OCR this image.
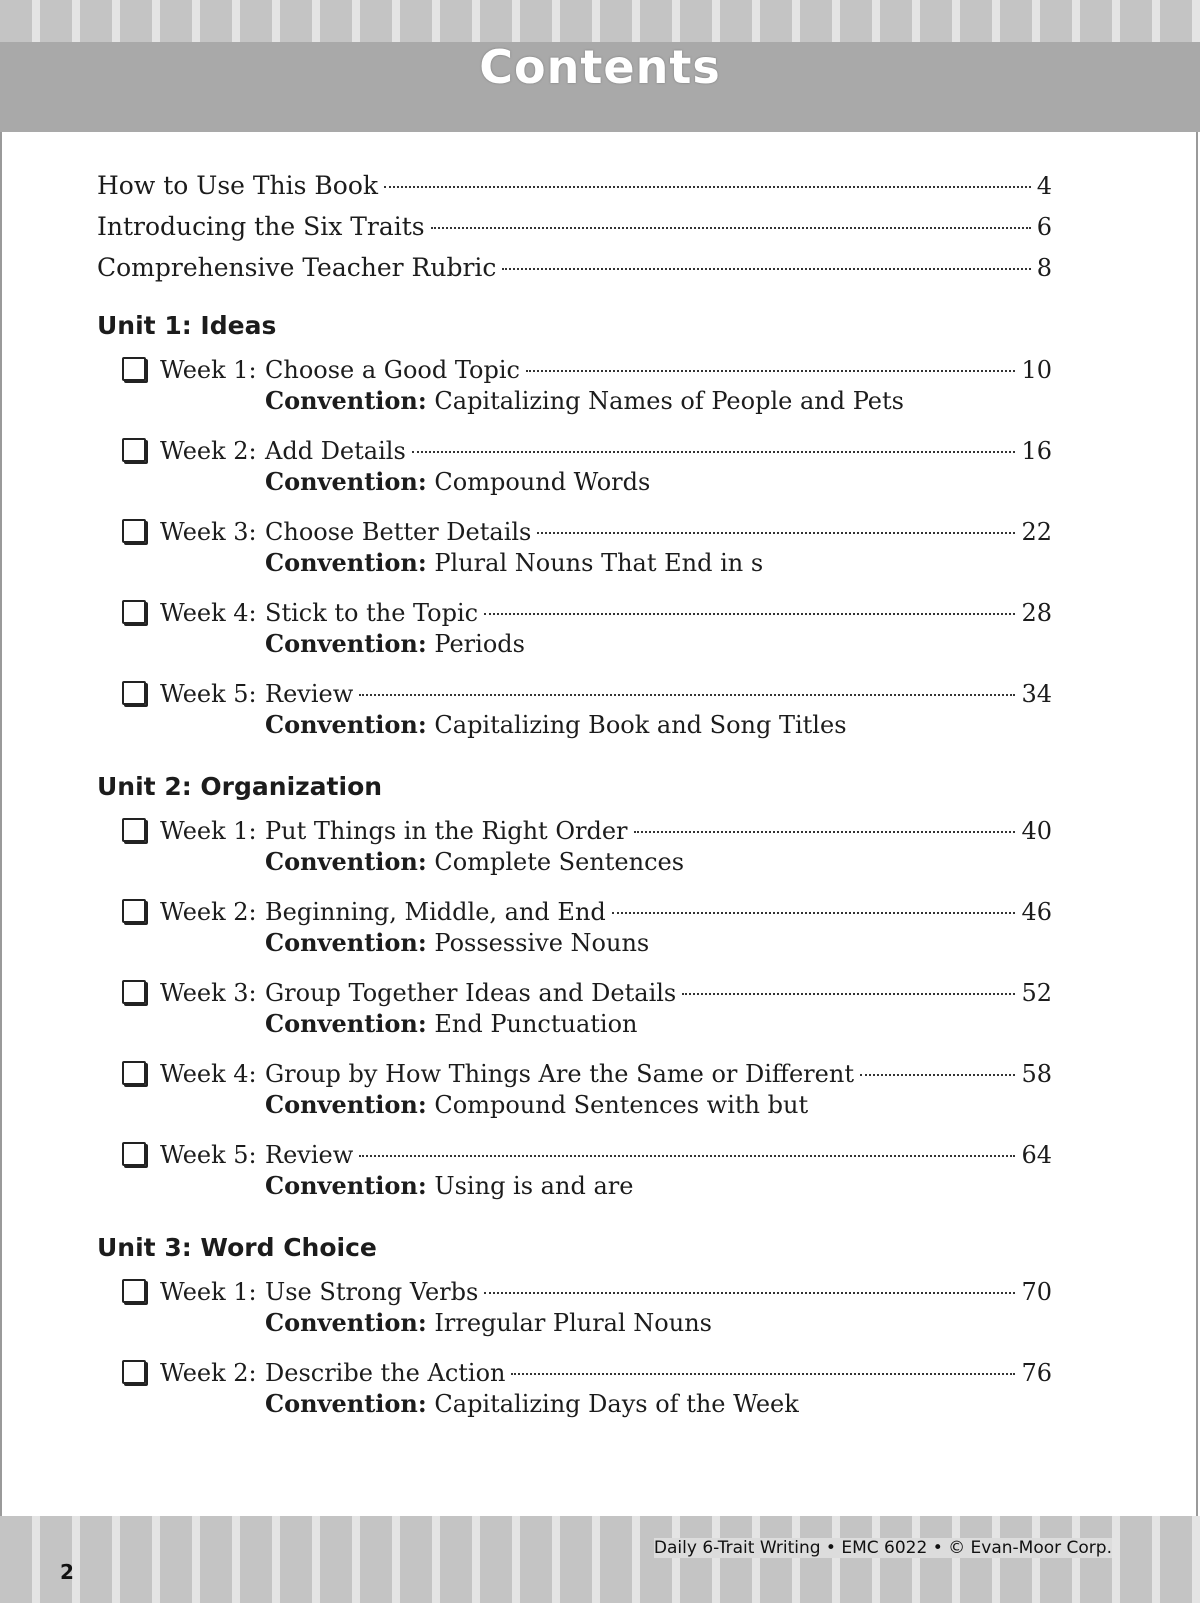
Contents
How to Use This Book	4
Introducing the Six Traits	6
Comprehensive Teacher Rubric	8
Unit 1: Ideas
Week 1: Choose a Good Topic	10
Convention: Capitalizing Names of People and Pets
Week 2: Add Details	16
Convention: Compound Words
Week 3: Choose Better Details	22
Convention: Plural Nouns That End in s
Week 4: Stick to the Topic	28
Convention: Periods
Week 5: Review	34
Convention: Capitalizing Book and Song Titles
Unit 2: Organization
Week 1: Put Things in the Right Order	40
Convention: Complete Sentences
Week 2: Beginning, Middle, and End	46
Convention: Possessive Nouns
Week 3: Group Together Ideas and Details	52
Convention: End Punctuation
Week 4: Group by How Things Are the Same or Different	58
Convention: Compound Sentences with but
Week 5: Review	64
Convention: Using is and are
Unit 3: Word Choice
Week 1: Use Strong Verbs	70
Convention: Irregular Plural Nouns
Week 2: Describe the Action	76
Convention: Capitalizing Days of the Week
2
Daily 6-Trait Writing • EMC 6022 • © Evan-Moor Corp.
